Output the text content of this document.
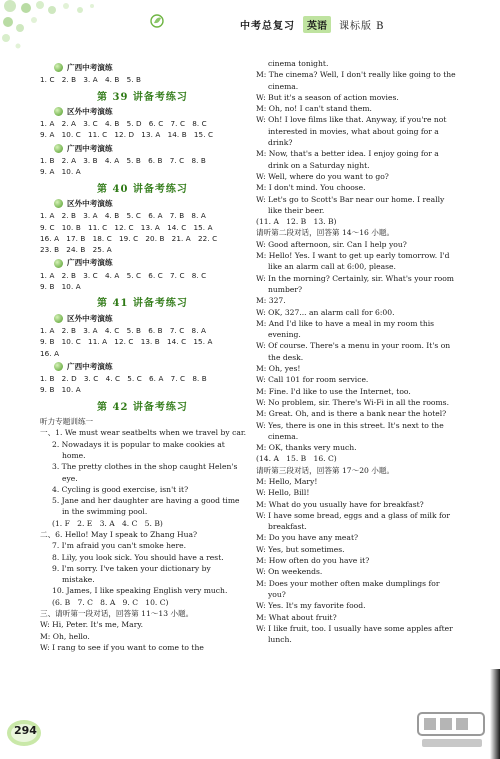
中考总复习	英语	课标版 B
广西中考演练
1. C   2. B   3. A   4. B   5. B
第 39 讲备考练习
区外中考演练
1. A   2. A   3. C   4. B   5. D   6. C   7. C   8. C
9. A   10. C   11. C   12. D   13. A   14. B   15. C
广西中考演练
1. B   2. A   3. B   4. A   5. B   6. B   7. C   8. B
9. A   10. A
第 40 讲备考练习
区外中考演练
1. A   2. B   3. A   4. B   5. C   6. A   7. B   8. A
9. C   10. B   11. C   12. C   13. A   14. C   15. A
16. A   17. B   18. C   19. C   20. B   21. A   22. C
23. B   24. B   25. A
广西中考演练
1. A   2. B   3. C   4. A   5. C   6. C   7. C   8. C
9. B   10. A
第 41 讲备考练习
区外中考演练
1. A   2. B   3. A   4. C   5. B   6. B   7. C   8. A
9. B   10. C   11. A   12. C   13. B   14. C   15. A
16. A
广西中考演练
1. B   2. D   3. C   4. C   5. C   6. A   7. C   8. B
9. B   10. A
第 42 讲备考练习
听力专题训练一
一、1. We must wear seatbelts when we travel by car.
2. Nowadays it is popular to make cookies at home.
3. The pretty clothes in the shop caught Helen's eye.
4. Cycling is good exercise, isn't it?
5. Jane and her daughter are having a good time in the swimming pool.
(1. F   2. E   3. A   4. C   5. B)
二、6. Hello! May I speak to Zhang Hua?
7. I'm afraid you can't smoke here.
8. Lily, you look sick. You should have a rest.
9. I'm sorry. I've taken your dictionary by mistake.
10. James, I like speaking English very much.
(6. B   7. C   8. A   9. C   10. C)
三、请听第一段对话，回答第 11～13 小题。
W: Hi, Peter. It's me, Mary.
M: Oh, hello.
W: I rang to see if you want to come to the
cinema tonight.
M: The cinema? Well, I don't really like going to the cinema.
W: But it's a season of action movies.
M: Oh, no! I can't stand them.
W: Oh! I love films like that. Anyway, if you're not interested in movies, what about going for a drink?
M: Now, that's a better idea. I enjoy going for a drink on a Saturday night.
W: Well, where do you want to go?
M: I don't mind. You choose.
W: Let's go to Scott's Bar near our home. I really like their beer.
(11. A   12. B   13. B)
请听第二段对话，回答第 14～16 小题。
W: Good afternoon, sir. Can I help you?
M: Hello! Yes. I want to get up early tomorrow. I'd like an alarm call at 6:00, please.
W: In the morning? Certainly, sir. What's your room number?
M: 327.
W: OK, 327... an alarm call for 6:00.
M: And I'd like to have a meal in my room this evening.
W: Of course. There's a menu in your room. It's on the desk.
M: Oh, yes!
W: Call 101 for room service.
M: Fine. I'd like to use the Internet, too.
W: No problem, sir. There's Wi-Fi in all the rooms.
M: Great. Oh, and is there a bank near the hotel?
W: Yes, there is one in this street. It's next to the cinema.
M: OK, thanks very much.
(14. A   15. B   16. C)
请听第三段对话，回答第 17～20 小题。
M: Hello, Mary!
W: Hello, Bill!
M: What do you usually have for breakfast?
W: I have some bread, eggs and a glass of milk for breakfast.
M: Do you have any meat?
W: Yes, but sometimes.
M: How often do you have it?
W: On weekends.
M: Does your mother often make dumplings for you?
W: Yes. It's my favorite food.
M: What about fruit?
W: I like fruit, too. I usually have some apples after lunch.
294
